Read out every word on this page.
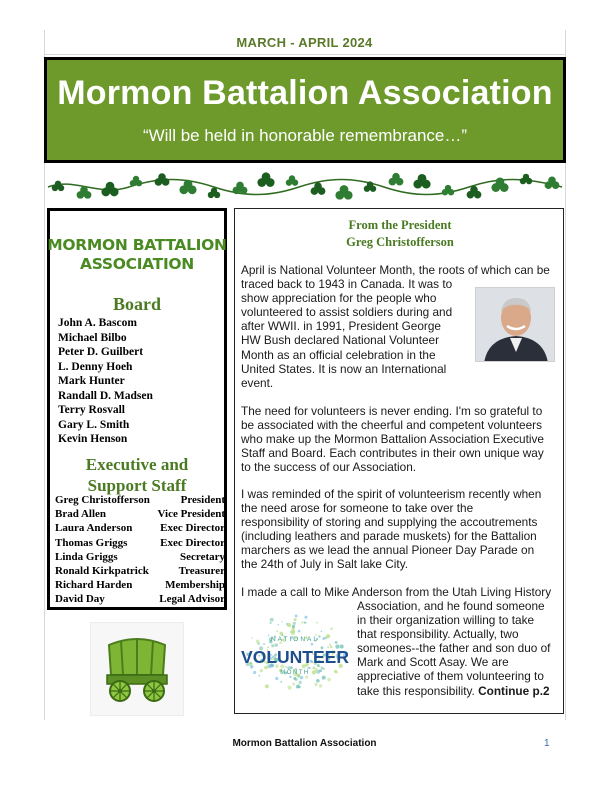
MARCH - APRIL 2024
Mormon Battalion Association
“Will be held in honorable remembrance…”
MORMON BATTALION
ASSOCIATION
Board
John A. Bascom
Michael Bilbo
Peter D. Guilbert
L. Denny Hoeh
Mark Hunter
Randall D. Madsen
Terry Rosvall
Gary L. Smith
Kevin Henson
Executive and
Support Staff
Greg Christofferson	President
Brad Allen	Vice President
Laura Anderson	Exec Director
Thomas Griggs	Exec Director
Linda Griggs	Secretary
Ronald Kirkpatrick	Treasurer
Richard Harden	Membership
David Day	Legal Advisor
From the President
Greg Christofferson
April is National Volunteer Month, the roots of which can be
traced back to 1943 in Canada. It was to
show appreciation for the people who
volunteered to assist soldiers during and
after WWII. in 1991, President George
HW Bush declared National Volunteer
Month as an official celebration in the
United States. It is now an International
event.
The need for volunteers is never ending. I'm so grateful to
be associated with the cheerful and competent volunteers
who make up the Mormon Battalion Association Executive
Staff and Board. Each contributes in their own unique way
to the success of our Association.
I was reminded of the spirit of volunteerism recently when
the need arose for someone to take over the
responsibility of storing and supplying the accoutrements
(including leathers and parade muskets) for the Battalion
marchers as we lead the annual Pioneer Day Parade on
the 24th of July in Salt lake City.
I made a call to Mike Anderson from the Utah Living History
Association, and he found someone
in their organization willing to take
that responsibility. Actually, two
someones--the father and son duo of
Mark and Scott Asay. We are
appreciative of them volunteering to
take this responsibility. Continue p.2
NATIONAL
VOLUNTEER
MONTH
Mormon Battalion Association	1
